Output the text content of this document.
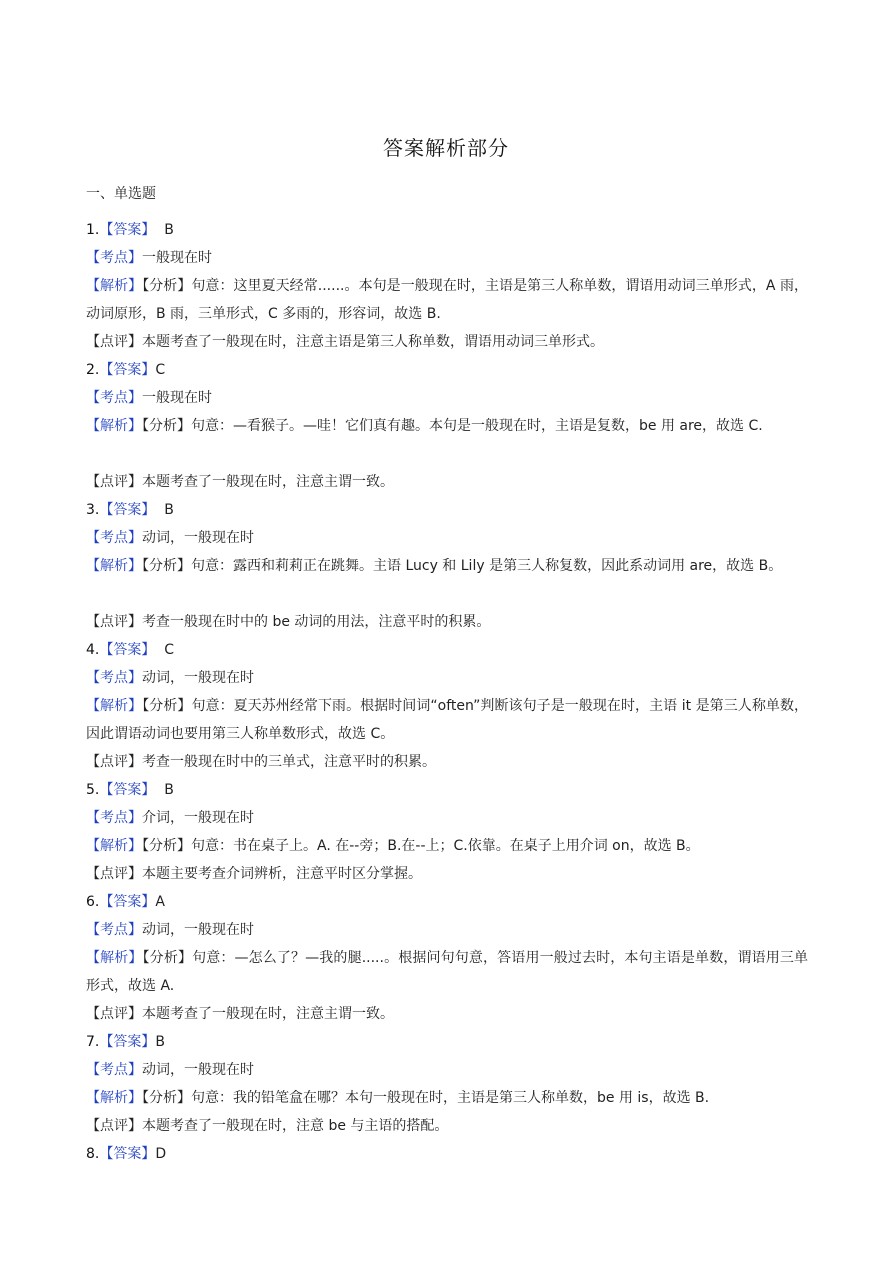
答案解析部分
一、单选题
1.【答案】  B
【考点】一般现在时
【解析】【分析】句意：这里夏天经常......。本句是一般现在时，主语是第三人称单数，谓语用动词三单形式，A 雨，动词原形，B 雨，三单形式，C 多雨的，形容词，故选 B.
【点评】本题考查了一般现在时，注意主语是第三人称单数，谓语用动词三单形式。
2.【答案】C
【考点】一般现在时
【解析】【分析】句意：—看猴子。—哇！它们真有趣。本句是一般现在时，主语是复数，be 用 are，故选 C.
【点评】本题考查了一般现在时，注意主谓一致。
3.【答案】  B
【考点】动词，一般现在时
【解析】【分析】句意：露西和莉莉正在跳舞。主语 Lucy 和 Lily 是第三人称复数，因此系动词用 are，故选 B。
【点评】考查一般现在时中的 be 动词的用法，注意平时的积累。
4.【答案】  C
【考点】动词，一般现在时
【解析】【分析】句意：夏天苏州经常下雨。根据时间词“often”判断该句子是一般现在时，主语 it 是第三人称单数，因此谓语动词也要用第三人称单数形式，故选 C。
【点评】考查一般现在时中的三单式，注意平时的积累。
5.【答案】  B
【考点】介词，一般现在时
【解析】【分析】句意：书在桌子上。A. 在--旁；B.在--上；C.依靠。在桌子上用介词 on，故选 B。
【点评】本题主要考查介词辨析，注意平时区分掌握。
6.【答案】A
【考点】动词，一般现在时
【解析】【分析】句意：—怎么了？—我的腿.....。根据问句句意，答语用一般过去时，本句主语是单数，谓语用三单形式，故选 A.
【点评】本题考查了一般现在时，注意主谓一致。
7.【答案】B
【考点】动词，一般现在时
【解析】【分析】句意：我的铅笔盒在哪？本句一般现在时，主语是第三人称单数，be 用 is，故选 B.
【点评】本题考查了一般现在时，注意 be 与主语的搭配。
8.【答案】D
